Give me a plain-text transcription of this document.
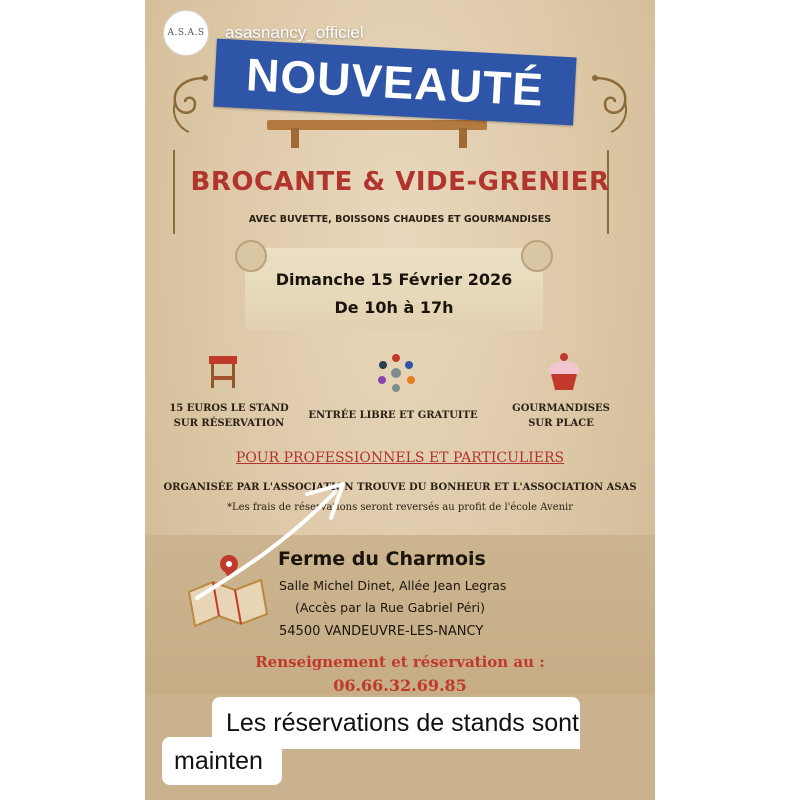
A.S.A.S asasnancy_officiel
NOUVEAUTÉ
BROCANTE & VIDE-GRENIER
AVEC BUVETTE, BOISSONS CHAUDES ET GOURMANDISES
Dimanche 15 Février 2026
De 10h à 17h
15 EUROS LE STAND
SUR RÉSERVATION
ENTRÉE LIBRE ET GRATUITE
GOURMANDISES
SUR PLACE
POUR PROFESSIONNELS ET PARTICULIERS
ORGANISÉE PAR L'ASSOCIATION TROUVE DU BONHEUR ET L'ASSOCIATION ASAS
*Les frais de réservations seront reversés au profit de l'école Avenir
Ferme du Charmois
Salle Michel Dinet, Allée Jean Legras
(Accès par la Rue Gabriel Péri)
54500 VANDEUVRE-LES-NANCY
Renseignement et réservation au :
06.66.32.69.85
Les réservations de stands sont
mainten
